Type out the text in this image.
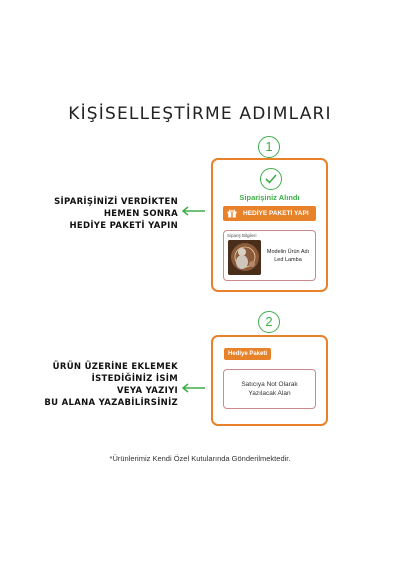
KİŞİSELLEŞTİRME ADIMLARI
1
SİPARİŞİNİZİ VERDİKTEN
HEMEN SONRA
HEDİYE PAKETİ YAPIN
Siparişiniz Alındı
HEDİYE PAKETİ YAPI
Sipariş Bilgileri
Modelin Ürün Adı
Led Lamba
2
ÜRÜN ÜZERİNE EKLEMEK
İSTEDİĞİNİZ İSİM
VEYA YAZIYI
BU ALANA YAZABİLİRSİNİZ
Hediye Paketi
Satıcıya Not Olarak
Yazılacak Alan
*Ürünlerimiz Kendi Özel Kutularında Gönderilmektedir.
